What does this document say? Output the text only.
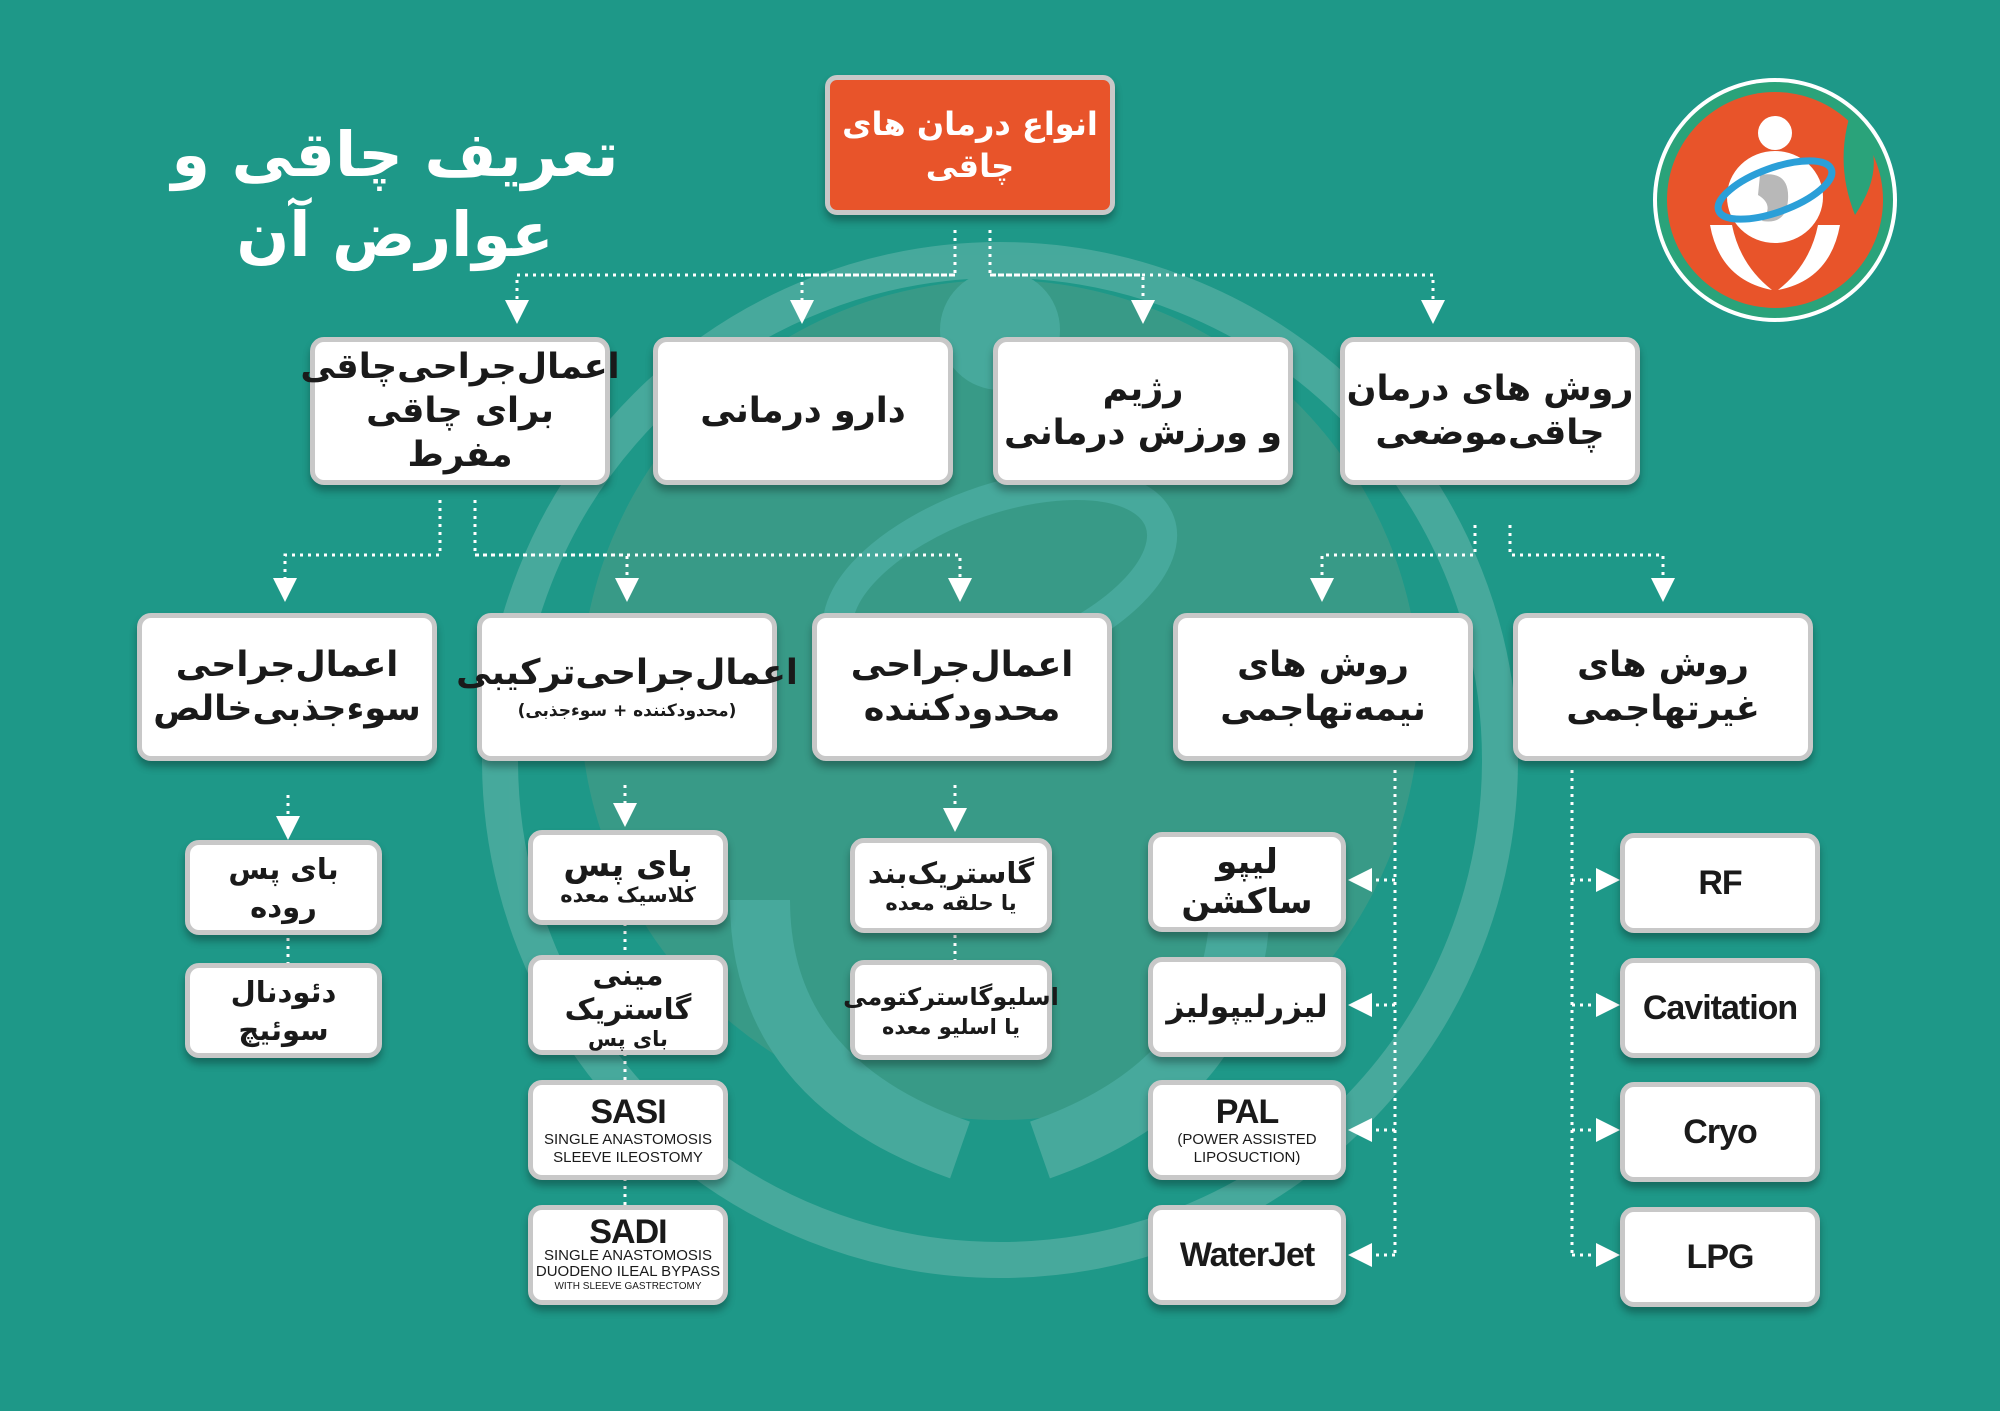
تعریف چاقی و عوارض آن
انواع درمان های
چاقی
اعمال‌جراحی‌چاقی
برای چاقی مفرط
دارو درمانی
رژیم
و ورزش درمانی
روش های درمان
چاقی‌موضعی
اعمال‌جراحی
سوءجذبی‌خالص
اعمال‌جراحی‌ترکیبی
(محدودکننده + سوءجذبی)
اعمال‌جراحی
محدودکننده
روش های
نیمه‌تهاجمی
روش های
غیرتهاجمی
بای پس روده
دئودنال سوئیچ
بای پس
کلاسیک معده
مینی گاستریک
بای پس
SASI
SINGLE ANASTOMOSIS
SLEEVE ILEOSTOMY
SADI
SINGLE ANASTOMOSIS
DUODENO ILEAL BYPASS
WITH SLEEVE GASTRECTOMY
گاستریک‌بند
یا حلقه معده
اسلیوگاسترکتومی
یا اسلیو معده
لیپو
ساکشن
لیزرلیپولیز
PAL
(POWER ASSISTED
LIPOSUCTION)
WaterJet
RF
Cavitation
Cryo
LPG
